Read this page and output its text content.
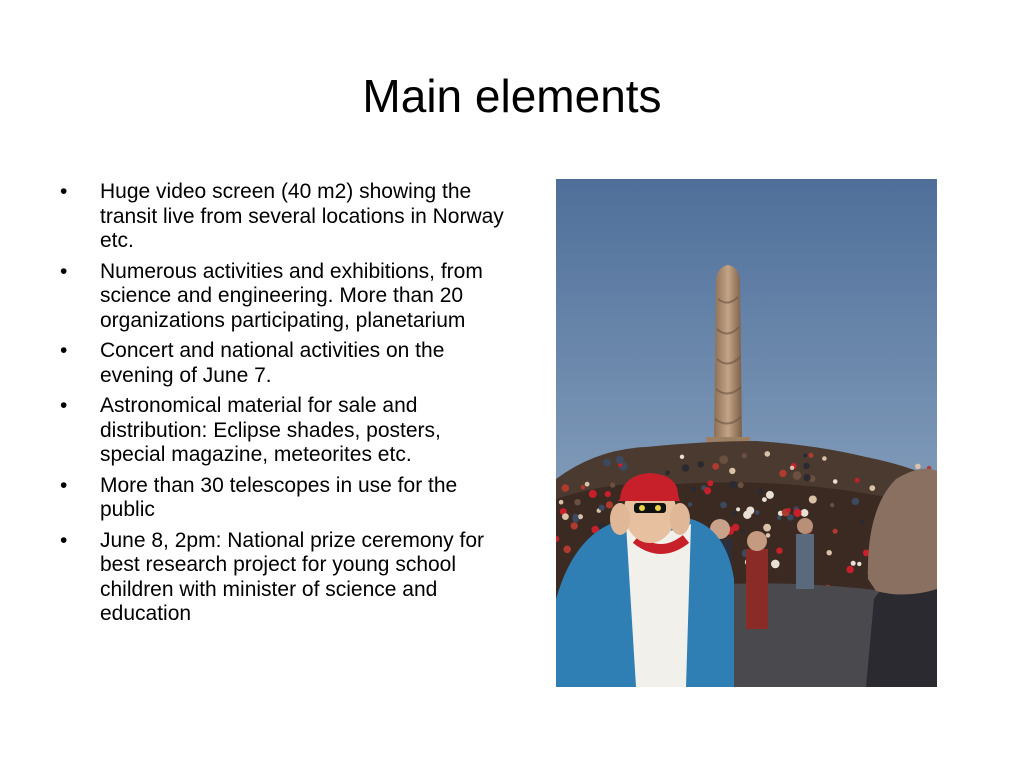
Main elements
•	Huge video screen (40 m2) showing the transit live from several locations in Norway etc.
•	Numerous activities and exhibitions, from science and engineering. More than 20 organizations participating, planetarium
•	Concert and national activities on the evening of June 7.
•	Astronomical material for sale and distribution: Eclipse shades, posters, special magazine, meteorites etc.
•	More than 30 telescopes in use for the public
•	June 8, 2pm: National prize ceremony for best research project for young school children with minister of science and education
